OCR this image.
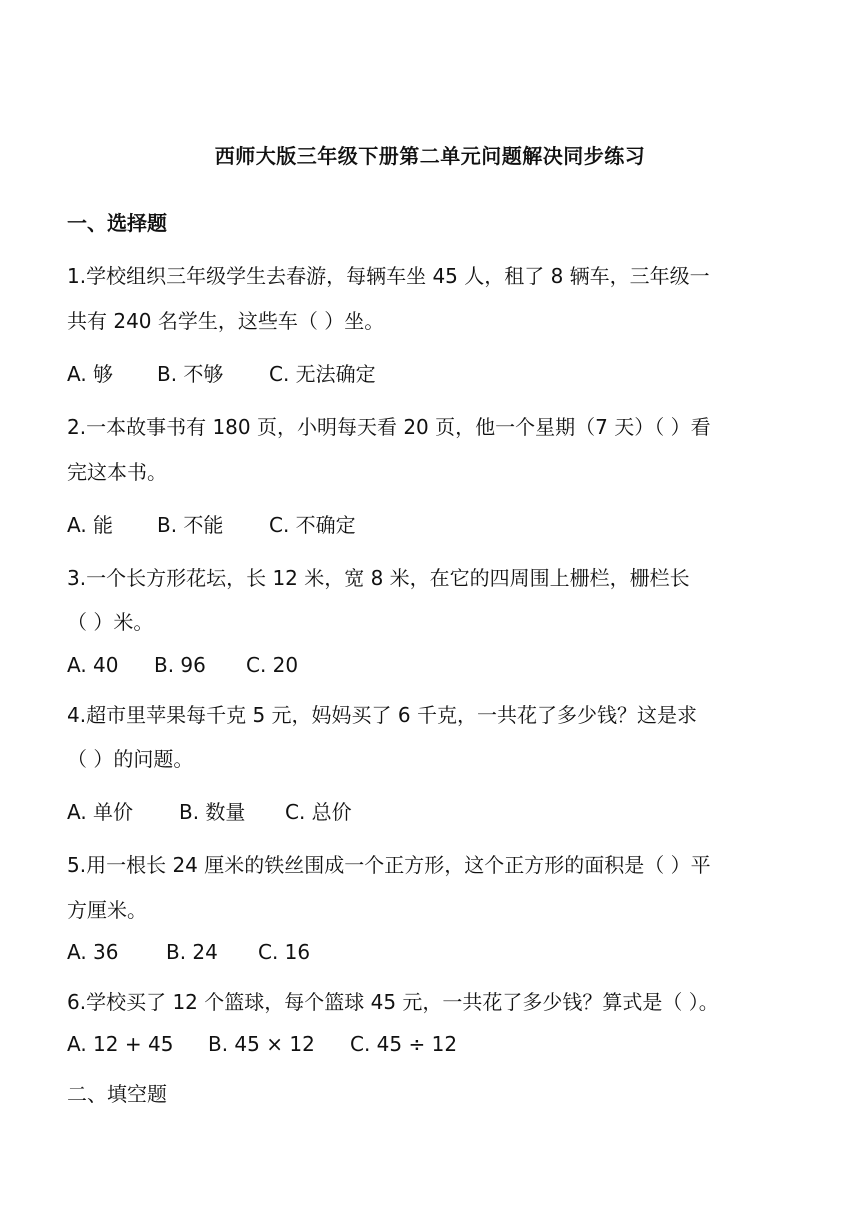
西师大版三年级下册第二单元问题解决同步练习
一、选择题
1.学校组织三年级学生去春游，每辆车坐 45 人，租了 8 辆车，三年级一
共有 240 名学生，这些车（ ）坐。
A. 够 B. 不够 C. 无法确定
2.一本故事书有 180 页，小明每天看 20 页，他一个星期（7 天）（ ）看
完这本书。
A. 能 B. 不能 C. 不确定
3.一个长方形花坛，长 12 米，宽 8 米，在它的四周围上栅栏，栅栏长
（ ）米。
A. 40 B. 96 C. 20
4.超市里苹果每千克 5 元，妈妈买了 6 千克，一共花了多少钱？这是求
（ ）的问题。
A. 单价 B. 数量 C. 总价
5.用一根长 24 厘米的铁丝围成一个正方形，这个正方形的面积是（ ）平
方厘米。
A. 36 B. 24 C. 16
6.学校买了 12 个篮球，每个篮球 45 元，一共花了多少钱？算式是（ ）。
A. 12 + 45 B. 45 × 12 C. 45 ÷ 12
二、填空题
